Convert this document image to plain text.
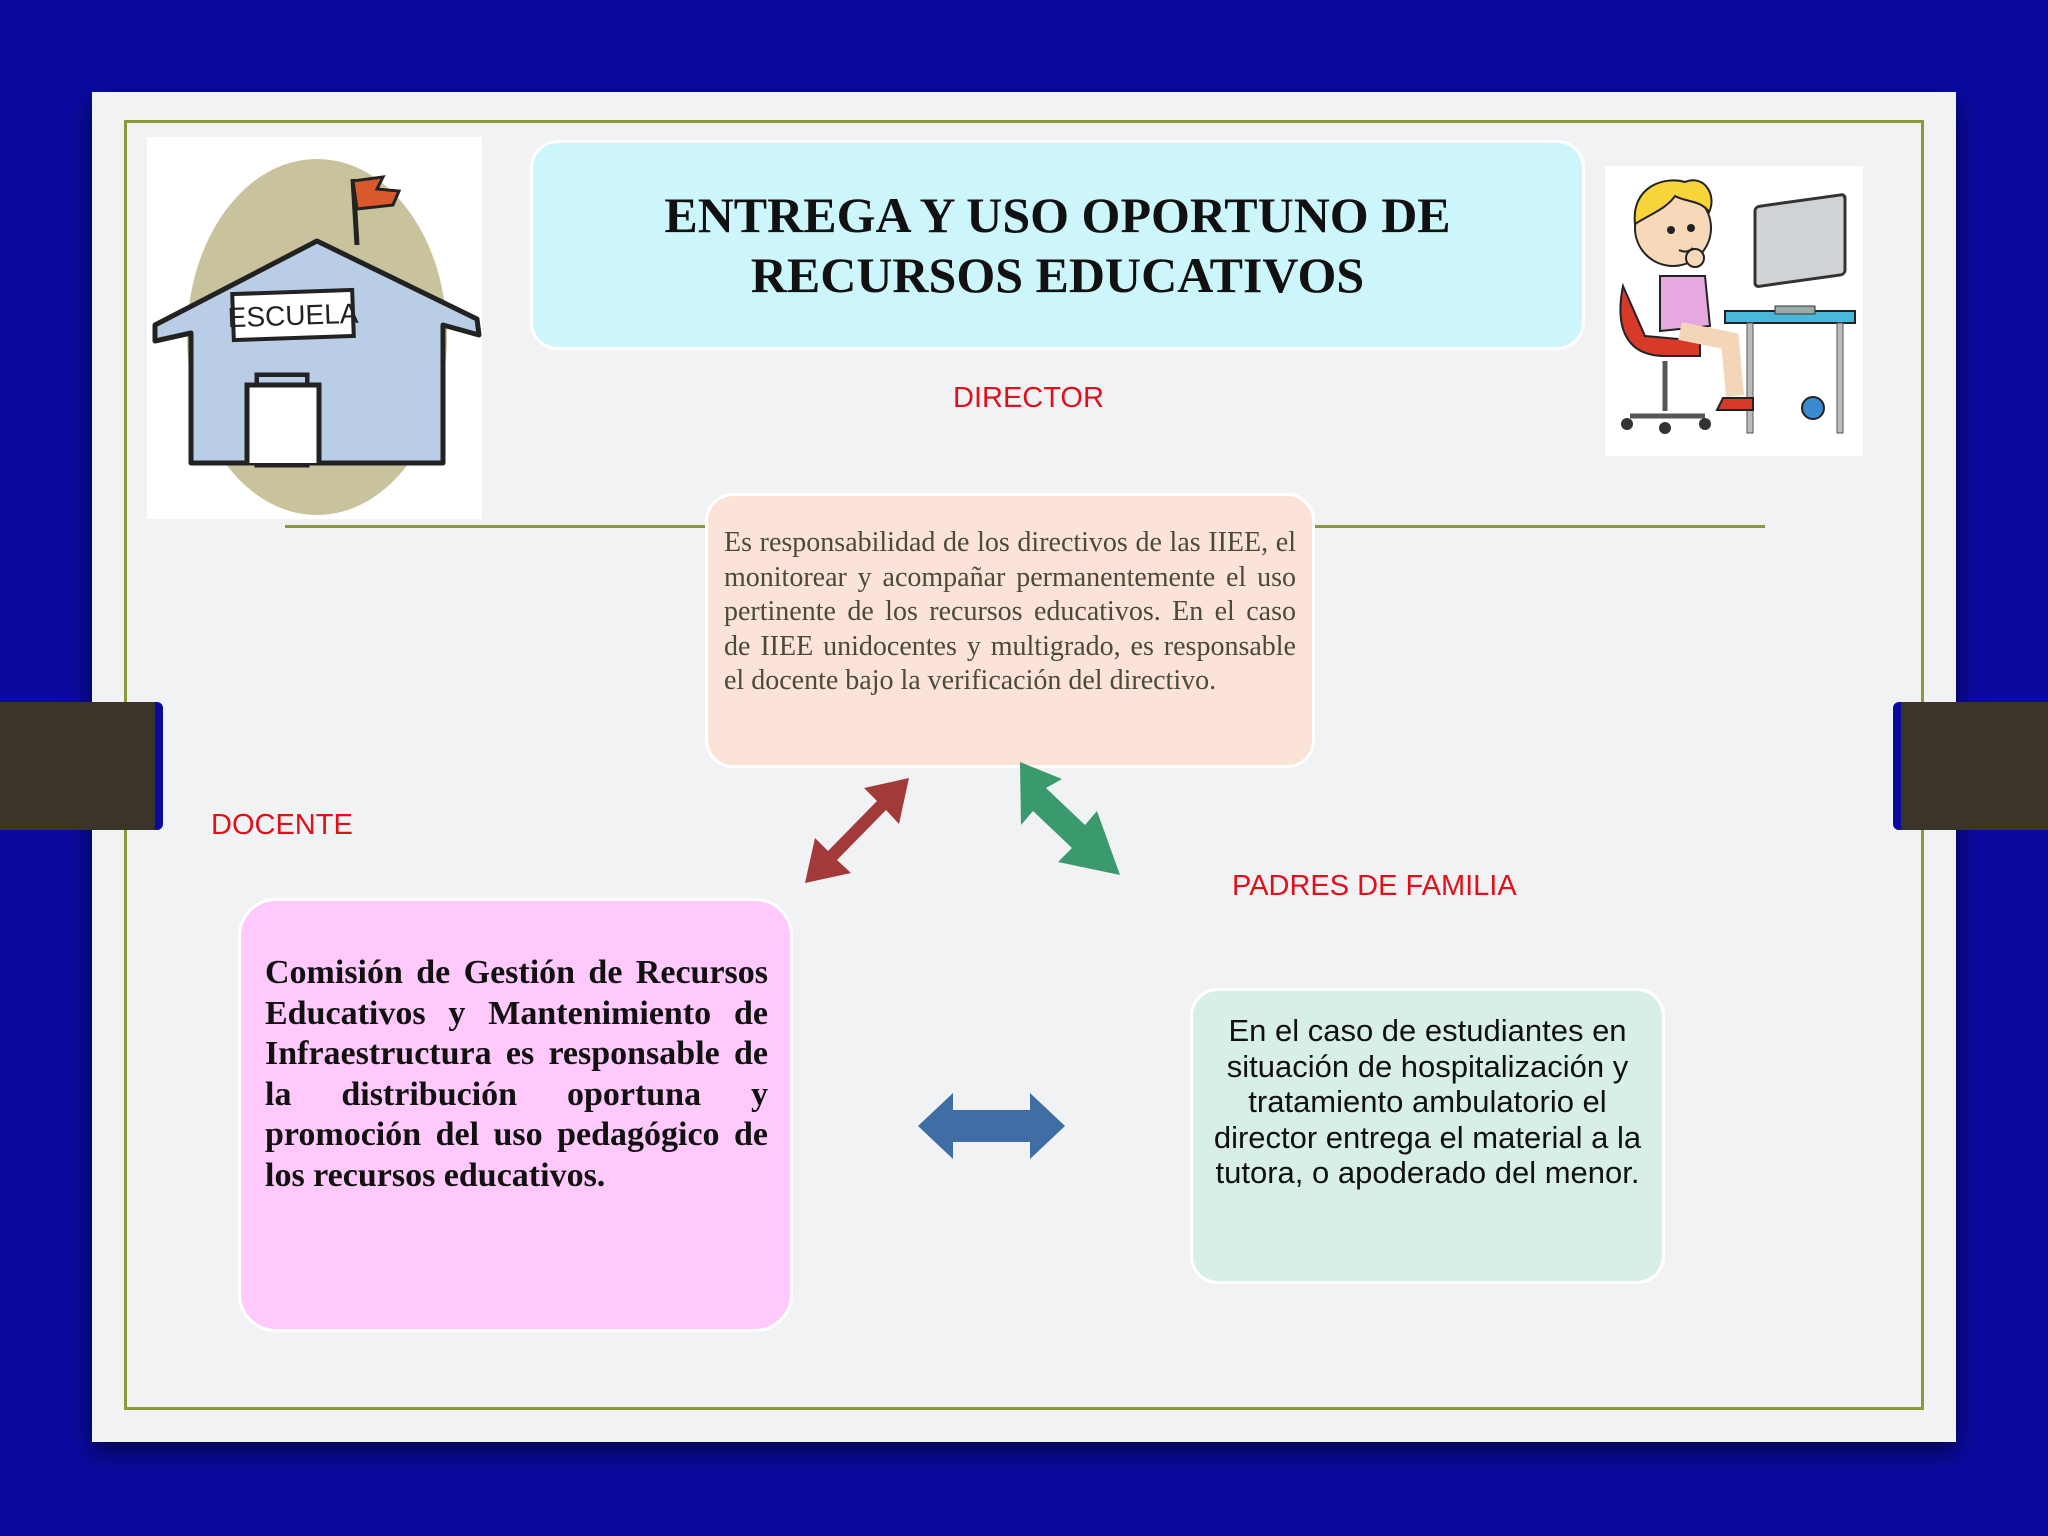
ESCUELA
ENTREGA Y USO OPORTUNO DE
RECURSOS EDUCATIVOS
DIRECTOR
DOCENTE
PADRES DE FAMILIA
Es responsabilidad de los directivos de las IIEE, el monitorear y acompañar permanentemente el uso pertinente de los recursos educativos. En el caso de IIEE unidocentes y multigrado, es responsable el docente bajo la verificación del directivo.
Comisión de Gestión de Recursos Educativos y Mantenimiento de Infraestructura es responsable de la distribución oportuna y promoción del uso pedagógico de los recursos educativos.
En el caso de estudiantes en situación de hospitalización y tratamiento ambulatorio el director entrega el material a la tutora, o apoderado del menor.
